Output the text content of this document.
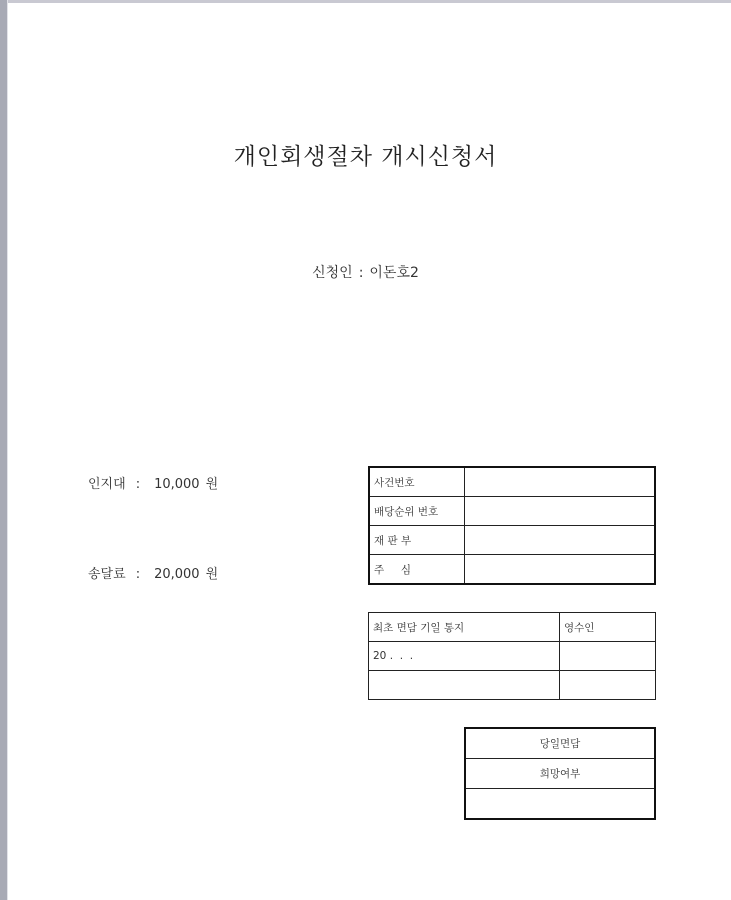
개인회생절차 개시신청서
신청인 : 이돈호2
인지대 : 10,000 원
송달료 : 20,000 원
사건번호	
배당순위 번호	
재 판 부	
주     심	
최초 면담 기일 통지	영수인
20 .  .  .	

당일면담
희망여부
